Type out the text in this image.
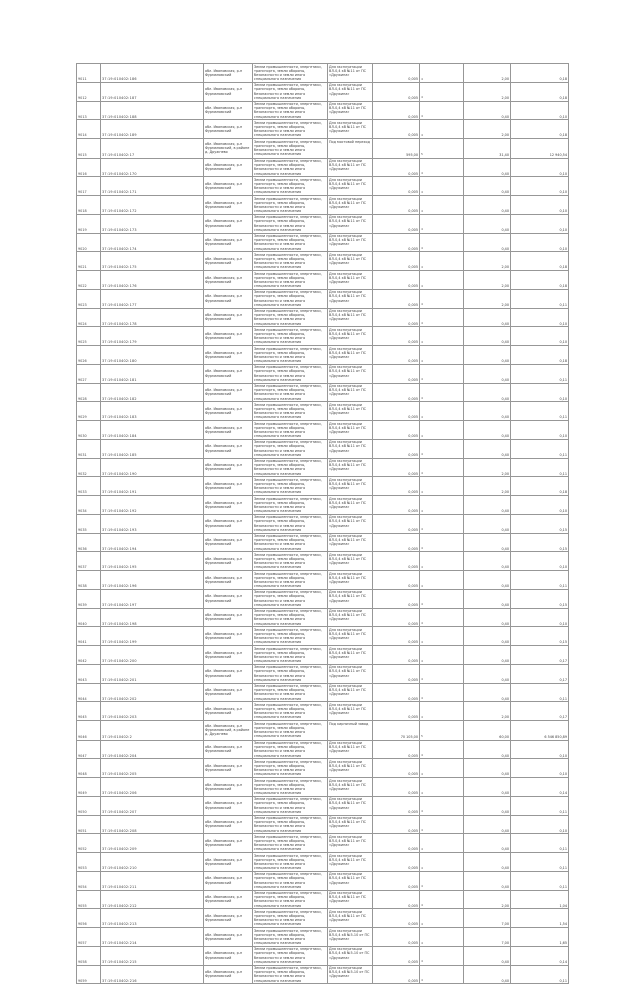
9011	37:19:010402:186	обл. Ивановская, р-н Фурмановский	Земли промышленности, энергетики, транспорта, земли обороны, безопасности и земли иного специального назначения	Для эксплуатации ВЛ-0,4 кВ №11 от ПС «Дружина»	0,005	4	2,00	0,18
9012	37:19:010402:187	обл. Ивановская, р-н Фурмановский	Земли промышленности, энергетики, транспорта, земли обороны, безопасности и земли иного специального назначения	Для эксплуатации ВЛ-0,4 кВ №11 от ПС «Дружина»	0,005	4	2,00	0,18
9013	37:19:010402:188	обл. Ивановская, р-н Фурмановский	Земли промышленности, энергетики, транспорта, земли обороны, безопасности и земли иного специального назначения	Для эксплуатации ВЛ-0,4 кВ №11 от ПС «Дружина»	0,005	4	0,40	0,10
9014	37:19:010402:189	обл. Ивановская, р-н Фурмановский	Земли промышленности, энергетики, транспорта, земли обороны, безопасности и земли иного специального назначения	Для эксплуатации ВЛ-0,4 кВ №11 от ПС «Дружина»	0,005	4	2,00	0,18
9015	37:19:010402:17	обл. Ивановская, р-н Фурмановский, в районе д. Дружнево	Земли промышленности, энергетики, транспорта, земли обороны, безопасности и земли иного специального назначения	Под мостовой переход	595,00	5	31,40	12 940,54
9016	37:19:010402:170	обл. Ивановская, р-н Фурмановский	Земли промышленности, энергетики, транспорта, земли обороны, безопасности и земли иного специального назначения	Для эксплуатации ВЛ-0,4 кВ №11 от ПС «Дружина»	0,005	4	0,40	0,10
9017	37:19:010402:171	обл. Ивановская, р-н Фурмановский	Земли промышленности, энергетики, транспорта, земли обороны, безопасности и земли иного специального назначения	Для эксплуатации ВЛ-0,4 кВ №11 от ПС «Дружина»	0,005	4	0,40	0,10
9018	37:19:010402:172	обл. Ивановская, р-н Фурмановский	Земли промышленности, энергетики, транспорта, земли обороны, безопасности и земли иного специального назначения	Для эксплуатации ВЛ-0,4 кВ №11 от ПС «Дружина»	0,005	4	0,40	0,10
9019	37:19:010402:173	обл. Ивановская, р-н Фурмановский	Земли промышленности, энергетики, транспорта, земли обороны, безопасности и земли иного специального назначения	Для эксплуатации ВЛ-0,4 кВ №11 от ПС «Дружина»	0,005	4	0,40	0,10
9020	37:19:010402:174	обл. Ивановская, р-н Фурмановский	Земли промышленности, энергетики, транспорта, земли обороны, безопасности и земли иного специального назначения	Для эксплуатации ВЛ-0,4 кВ №11 от ПС «Дружина»	0,005	4	0,40	0,10
9021	37:19:010402:175	обл. Ивановская, р-н Фурмановский	Земли промышленности, энергетики, транспорта, земли обороны, безопасности и земли иного специального назначения	Для эксплуатации ВЛ-0,4 кВ №11 от ПС «Дружина»	0,005	4	2,00	0,18
9022	37:19:010402:176	обл. Ивановская, р-н Фурмановский	Земли промышленности, энергетики, транспорта, земли обороны, безопасности и земли иного специального назначения	Для эксплуатации ВЛ-0,4 кВ №11 от ПС «Дружина»	0,005	4	2,00	0,18
9023	37:19:010402:177	обл. Ивановская, р-н Фурмановский	Земли промышленности, энергетики, транспорта, земли обороны, безопасности и земли иного специального назначения	Для эксплуатации ВЛ-0,4 кВ №11 от ПС «Дружина»	0,005	4	2,00	0,11
9024	37:19:010402:178	обл. Ивановская, р-н Фурмановский	Земли промышленности, энергетики, транспорта, земли обороны, безопасности и земли иного специального назначения	Для эксплуатации ВЛ-0,4 кВ №11 от ПС «Дружина»	0,005	4	0,40	0,10
9025	37:19:010402:179	обл. Ивановская, р-н Фурмановский	Земли промышленности, энергетики, транспорта, земли обороны, безопасности и земли иного специального назначения	Для эксплуатации ВЛ-0,4 кВ №11 от ПС «Дружина»	0,005	4	0,40	0,10
9026	37:19:010402:180	обл. Ивановская, р-н Фурмановский	Земли промышленности, энергетики, транспорта, земли обороны, безопасности и земли иного специального назначения	Для эксплуатации ВЛ-0,4 кВ №11 от ПС «Дружина»	0,005	4	0,40	0,18
9027	37:19:010402:181	обл. Ивановская, р-н Фурмановский	Земли промышленности, энергетики, транспорта, земли обороны, безопасности и земли иного специального назначения	Для эксплуатации ВЛ-0,4 кВ №11 от ПС «Дружина»	0,005	4	0,40	0,11
9028	37:19:010402:182	обл. Ивановская, р-н Фурмановский	Земли промышленности, энергетики, транспорта, земли обороны, безопасности и земли иного специального назначения	Для эксплуатации ВЛ-0,4 кВ №11 от ПС «Дружина»	0,005	4	0,40	0,10
9029	37:19:010402:183	обл. Ивановская, р-н Фурмановский	Земли промышленности, энергетики, транспорта, земли обороны, безопасности и земли иного специального назначения	Для эксплуатации ВЛ-0,4 кВ №11 от ПС «Дружина»	0,005	4	0,40	0,11
9030	37:19:010402:184	обл. Ивановская, р-н Фурмановский	Земли промышленности, энергетики, транспорта, земли обороны, безопасности и земли иного специального назначения	Для эксплуатации ВЛ-0,4 кВ №11 от ПС «Дружина»	0,005	4	0,40	0,10
9031	37:19:010402:185	обл. Ивановская, р-н Фурмановский	Земли промышленности, энергетики, транспорта, земли обороны, безопасности и земли иного специального назначения	Для эксплуатации ВЛ-0,4 кВ №11 от ПС «Дружина»	0,005	4	0,40	0,11
9032	37:19:010402:190	обл. Ивановская, р-н Фурмановский	Земли промышленности, энергетики, транспорта, земли обороны, безопасности и земли иного специального назначения	Для эксплуатации ВЛ-0,4 кВ №11 от ПС «Дружина»	0,005	4	2,00	0,11
9033	37:19:010402:191	обл. Ивановская, р-н Фурмановский	Земли промышленности, энергетики, транспорта, земли обороны, безопасности и земли иного специального назначения	Для эксплуатации ВЛ-0,4 кВ №11 от ПС «Дружина»	0,005	4	2,00	0,18
9034	37:19:010402:192	обл. Ивановская, р-н Фурмановский	Земли промышленности, энергетики, транспорта, земли обороны, безопасности и земли иного специального назначения	Для эксплуатации ВЛ-0,4 кВ №11 от ПС «Дружина»	0,005	4	0,40	0,10
9035	37:19:010402:193	обл. Ивановская, р-н Фурмановский	Земли промышленности, энергетики, транспорта, земли обороны, безопасности и земли иного специального назначения	Для эксплуатации ВЛ-0,4 кВ №11 от ПС «Дружина»	0,005	4	0,40	0,15
9036	37:19:010402:194	обл. Ивановская, р-н Фурмановский	Земли промышленности, энергетики, транспорта, земли обороны, безопасности и земли иного специального назначения	Для эксплуатации ВЛ-0,4 кВ №11 от ПС «Дружина»	0,005	4	0,40	0,15
9037	37:19:010402:195	обл. Ивановская, р-н Фурмановский	Земли промышленности, энергетики, транспорта, земли обороны, безопасности и земли иного специального назначения	Для эксплуатации ВЛ-0,4 кВ №11 от ПС «Дружина»	0,005	4	0,40	0,10
9038	37:19:010402:196	обл. Ивановская, р-н Фурмановский	Земли промышленности, энергетики, транспорта, земли обороны, безопасности и земли иного специального назначения	Для эксплуатации ВЛ-0,4 кВ №11 от ПС «Дружина»	0,005	4	0,40	0,11
9039	37:19:010402:197	обл. Ивановская, р-н Фурмановский	Земли промышленности, энергетики, транспорта, земли обороны, безопасности и земли иного специального назначения	Для эксплуатации ВЛ-0,4 кВ №11 от ПС «Дружина»	0,005	4	0,40	0,15
9040	37:19:010402:198	обл. Ивановская, р-н Фурмановский	Земли промышленности, энергетики, транспорта, земли обороны, безопасности и земли иного специального назначения	Для эксплуатации ВЛ-0,4 кВ №11 от ПС «Дружина»	0,005	4	0,40	0,10
9041	37:19:010402:199	обл. Ивановская, р-н Фурмановский	Земли промышленности, энергетики, транспорта, земли обороны, безопасности и земли иного специального назначения	Для эксплуатации ВЛ-0,4 кВ №11 от ПС «Дружина»	0,005	4	0,40	0,15
9042	37:19:010402:200	обл. Ивановская, р-н Фурмановский	Земли промышленности, энергетики, транспорта, земли обороны, безопасности и земли иного специального назначения	Для эксплуатации ВЛ-0,4 кВ №11 от ПС «Дружина»	0,005	4	0,40	0,17
9043	37:19:010402:201	обл. Ивановская, р-н Фурмановский	Земли промышленности, энергетики, транспорта, земли обороны, безопасности и земли иного специального назначения	Для эксплуатации ВЛ-0,4 кВ №11 от ПС «Дружина»	0,005	4	0,40	0,17
9044	37:19:010402:202	обл. Ивановская, р-н Фурмановский	Земли промышленности, энергетики, транспорта, земли обороны, безопасности и земли иного специального назначения	Для эксплуатации ВЛ-0,4 кВ №11 от ПС «Дружина»	0,005	4	0,40	0,11
9045	37:19:010402:203	обл. Ивановская, р-н Фурмановский	Земли промышленности, энергетики, транспорта, земли обороны, безопасности и земли иного специального назначения	Для эксплуатации ВЛ-0,4 кВ №11 от ПС «Дружина»	0,005	4	2,00	0,17
9046	37:19:010402:2	обл. Ивановская, р-н Фурмановский, в районе д. Дружнево	Земли промышленности, энергетики, транспорта, земли обороны, безопасности и земли иного специального назначения	Под кирпичный завод	70 105,00	5	60,00	6 546 850,89
9047	37:19:010402:204	обл. Ивановская, р-н Фурмановский	Земли промышленности, энергетики, транспорта, земли обороны, безопасности и земли иного специального назначения	Для эксплуатации ВЛ-0,4 кВ №11 от ПС «Дружина»	0,005	4	0,40	0,10
9048	37:19:010402:205	обл. Ивановская, р-н Фурмановский	Земли промышленности, энергетики, транспорта, земли обороны, безопасности и земли иного специального назначения	Для эксплуатации ВЛ-0,4 кВ №11 от ПС «Дружина»	0,005	4	0,40	0,10
9049	37:19:010402:206	обл. Ивановская, р-н Фурмановский	Земли промышленности, энергетики, транспорта, земли обороны, безопасности и земли иного специального назначения	Для эксплуатации ВЛ-0,4 кВ №11 от ПС «Дружина»	0,005	4	0,40	0,14
9050	37:19:010402:207	обл. Ивановская, р-н Фурмановский	Земли промышленности, энергетики, транспорта, земли обороны, безопасности и земли иного специального назначения	Для эксплуатации ВЛ-0,4 кВ №11 от ПС «Дружина»	0,005	4	0,40	0,11
9051	37:19:010402:208	обл. Ивановская, р-н Фурмановский	Земли промышленности, энергетики, транспорта, земли обороны, безопасности и земли иного специального назначения	Для эксплуатации ВЛ-0,4 кВ №11 от ПС «Дружина»	0,005	4	0,40	0,10
9052	37:19:010402:209	обл. Ивановская, р-н Фурмановский	Земли промышленности, энергетики, транспорта, земли обороны, безопасности и земли иного специального назначения	Для эксплуатации ВЛ-0,4 кВ №11 от ПС «Дружина»	0,005	4	0,40	0,11
9053	37:19:010402:210	обл. Ивановская, р-н Фурмановский	Земли промышленности, энергетики, транспорта, земли обороны, безопасности и земли иного специального назначения	Для эксплуатации ВЛ-0,4 кВ №11 от ПС «Дружина»	0,005	4	0,40	0,11
9054	37:19:010402:211	обл. Ивановская, р-н Фурмановский	Земли промышленности, энергетики, транспорта, земли обороны, безопасности и земли иного специального назначения	Для эксплуатации ВЛ-0,4 кВ №11 от ПС «Дружина»	0,005	4	0,40	0,11
9055	37:19:010402:212	обл. Ивановская, р-н Фурмановский	Земли промышленности, энергетики, транспорта, земли обороны, безопасности и земли иного специального назначения	Для эксплуатации ВЛ-0,4 кВ №11 от ПС «Дружина»	0,005	4	2,00	1,04
9056	37:19:010402:213	обл. Ивановская, р-н Фурмановский	Земли промышленности, энергетики, транспорта, земли обороны, безопасности и земли иного специального назначения	Для эксплуатации ВЛ-0,4 кВ №11 от ПС «Дружина»	0,005	4	7,00	1,54
9057	37:19:010402:214	обл. Ивановская, р-н Фурмановский	Земли промышленности, энергетики, транспорта, земли обороны, безопасности и земли иного специального назначения	Для эксплуатации ВЛ-0,4 кВ №5-10 от ПС «Дружина»	0,005	4	7,00	1,65
9058	37:19:010402:215	обл. Ивановская, р-н Фурмановский	Земли промышленности, энергетики, транспорта, земли обороны, безопасности и земли иного специального назначения	Для эксплуатации ВЛ-0,4 кВ №5-10 от ПС «Дружина»	0,005	4	0,40	0,14
9059	37:19:010402:216	обл. Ивановская, р-н Фурмановский	Земли промышленности, энергетики, транспорта, земли обороны, безопасности и земли иного специального назначения	Для эксплуатации ВЛ-0,4 кВ №5-10 от ПС «Дружина»	0,005	4	0,40	0,11
